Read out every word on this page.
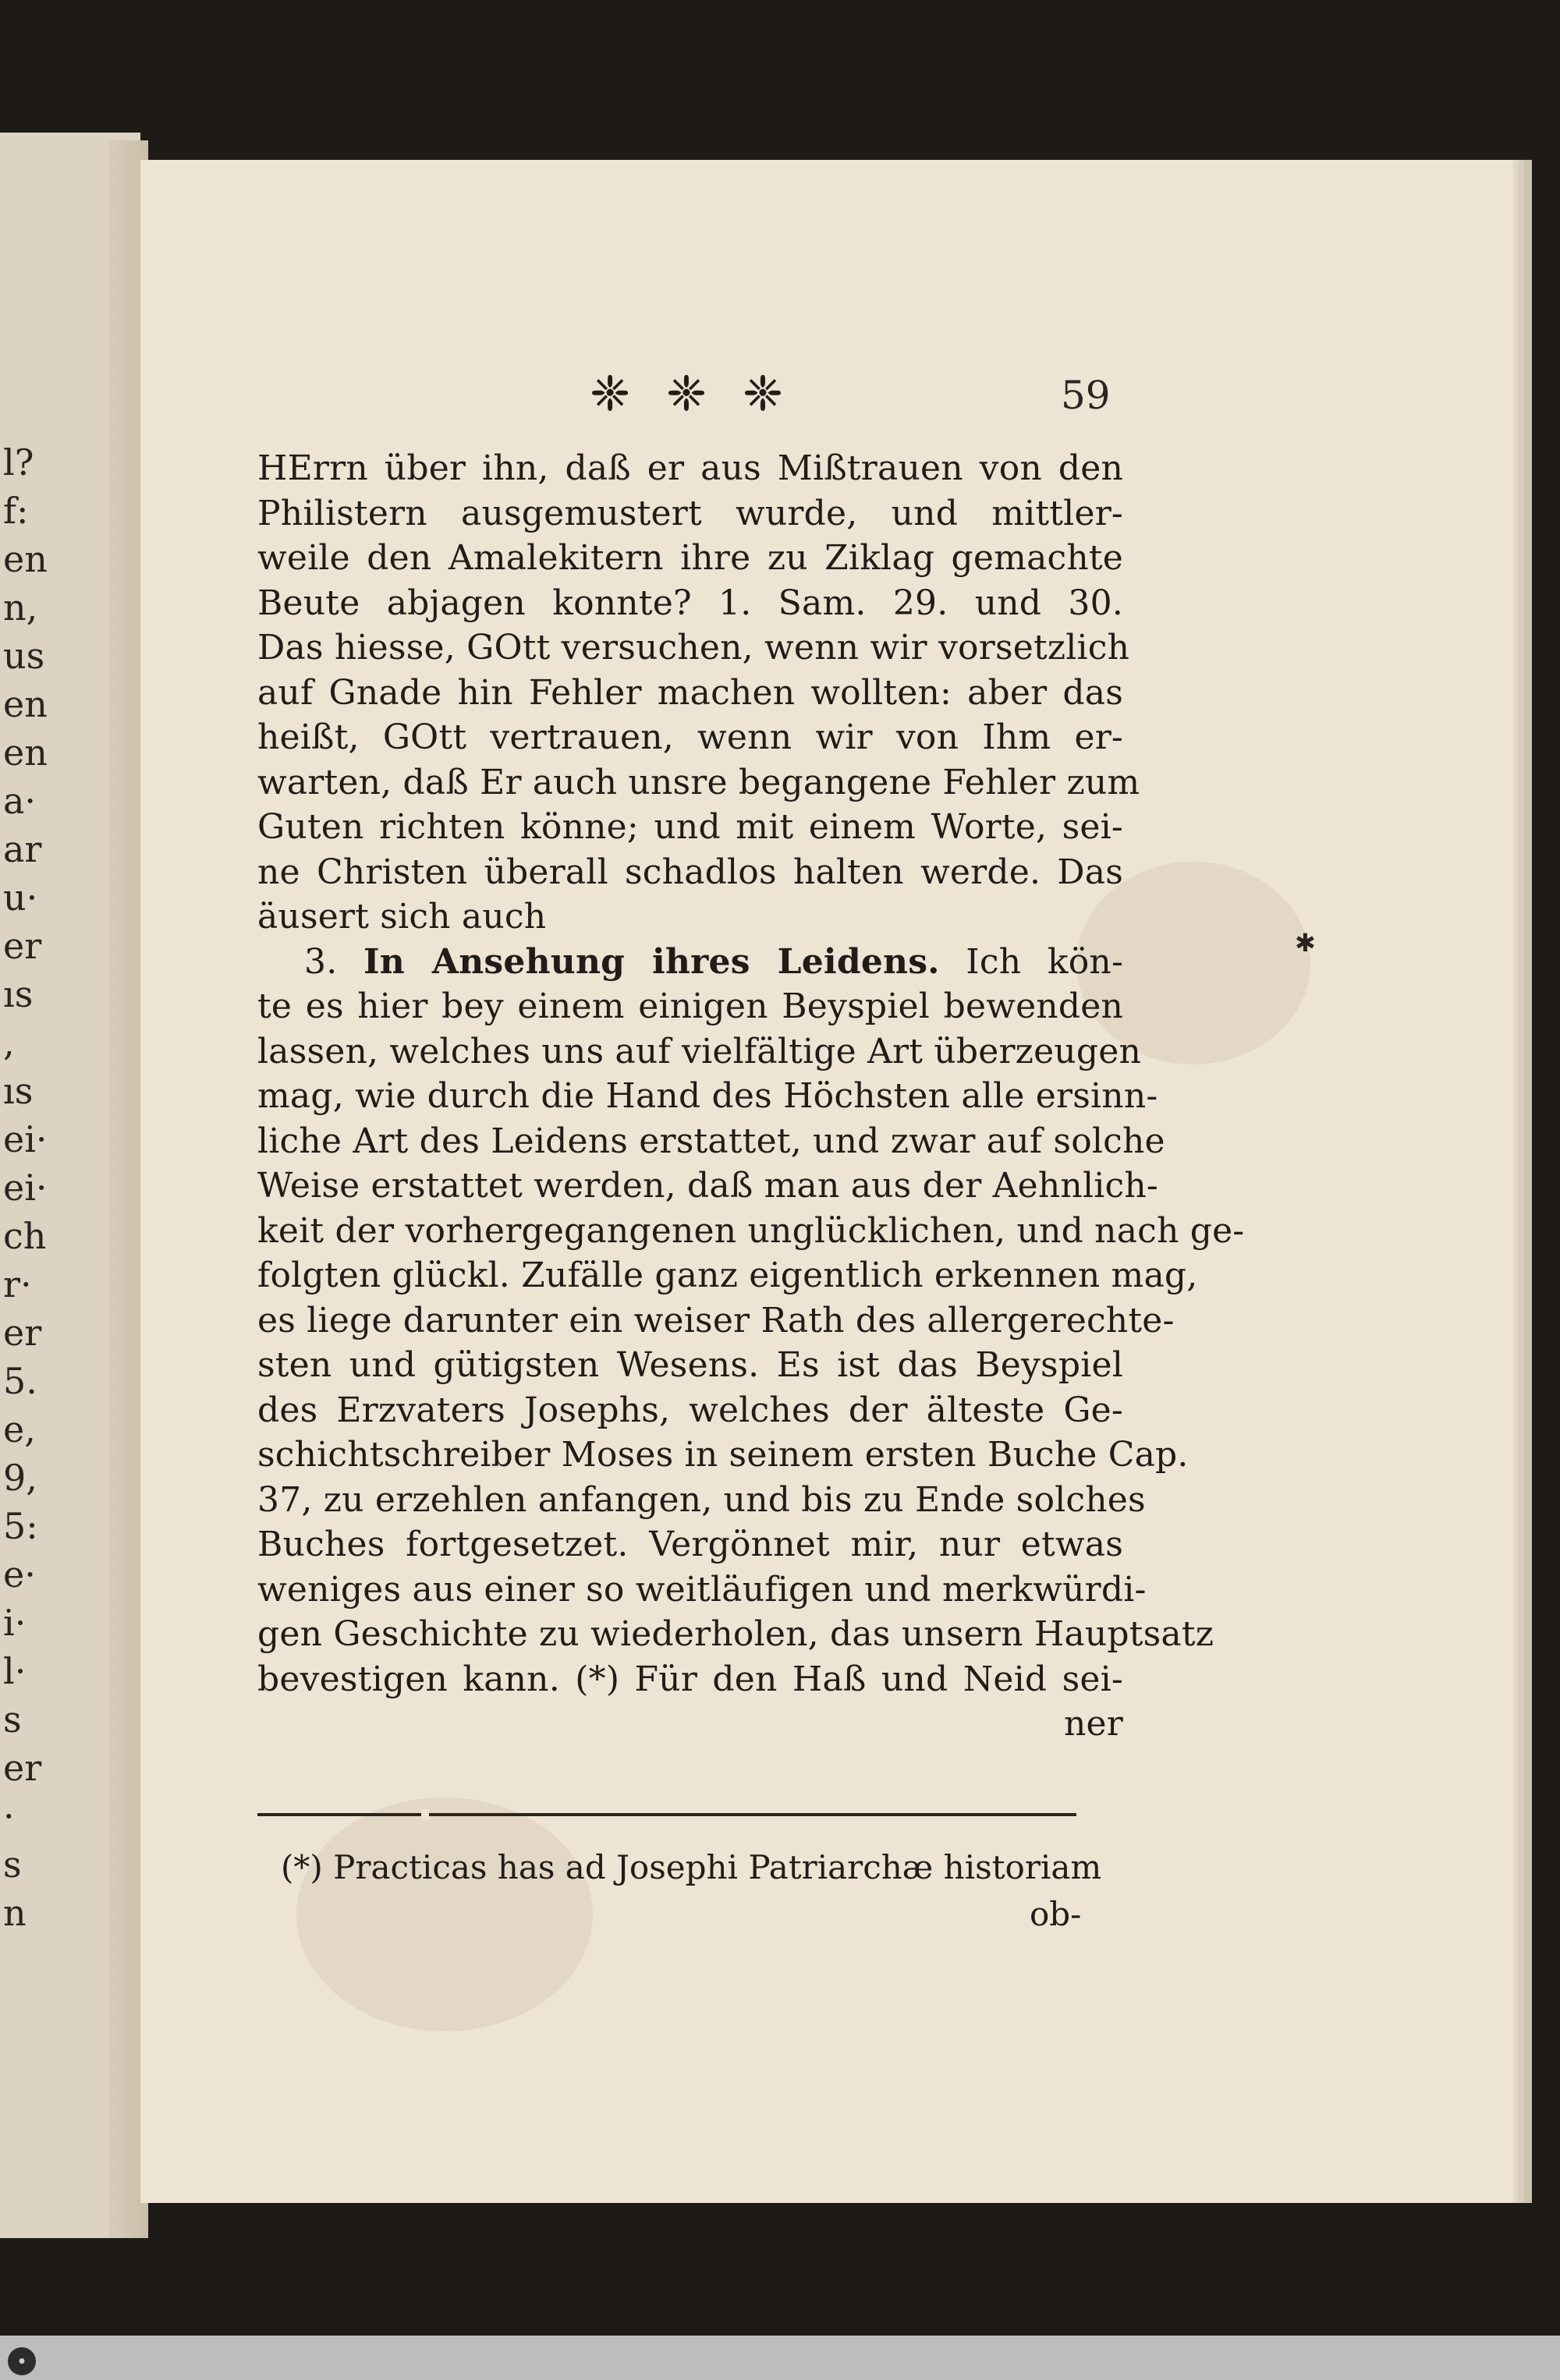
l?
f:
en
n,
us
en
en
a·
ar
u·
er
ıs
,
ıs
ei·
ei·
ch
r·
er
5.
e,
9,
5:
e·
i·
l·
s
er
·
s
n
❈ ❈ ❈	59
HErrn über ihn, daß er aus Mißtrauen von den
Philistern ausgemustert wurde, und mittler-
weile den Amalekitern ihre zu Ziklag gemachte
Beute abjagen konnte? 1. Sam. 29. und 30.
Das hiesse, GOtt versuchen, wenn wir vorsetzlich
auf Gnade hin Fehler machen wollten: aber das
heißt, GOtt vertrauen, wenn wir von Ihm er-
warten, daß Er auch unsre begangene Fehler zum
Guten richten könne; und mit einem Worte, sei-
ne Christen überall schadlos halten werde. Das
äusert sich auch
3. In Ansehung ihres Leidens. Ich kön-
te es hier bey einem einigen Beyspiel bewenden
lassen, welches uns auf vielfältige Art überzeugen
mag, wie durch die Hand des Höchsten alle ersinn-
liche Art des Leidens erstattet, und zwar auf solche
Weise erstattet werden, daß man aus der Aehnlich-
keit der vorhergegangenen unglücklichen, und nach ge-
folgten glückl. Zufälle ganz eigentlich erkennen mag,
es liege darunter ein weiser Rath des allergerechte-
sten und gütigsten Wesens. Es ist das Beyspiel
des Erzvaters Josephs, welches der älteste Ge-
schichtschreiber Moses in seinem ersten Buche Cap.
37, zu erzehlen anfangen, und bis zu Ende solches
Buches fortgesetzet. Vergönnet mir, nur etwas
weniges aus einer so weitläufigen und merkwürdi-
gen Geschichte zu wiederholen, das unsern Hauptsatz
bevestigen kann. (*) Für den Haß und Neid sei-
ner
(*) Practicas has ad Josephi Patriarchæ historiam
ob-
✱
●
